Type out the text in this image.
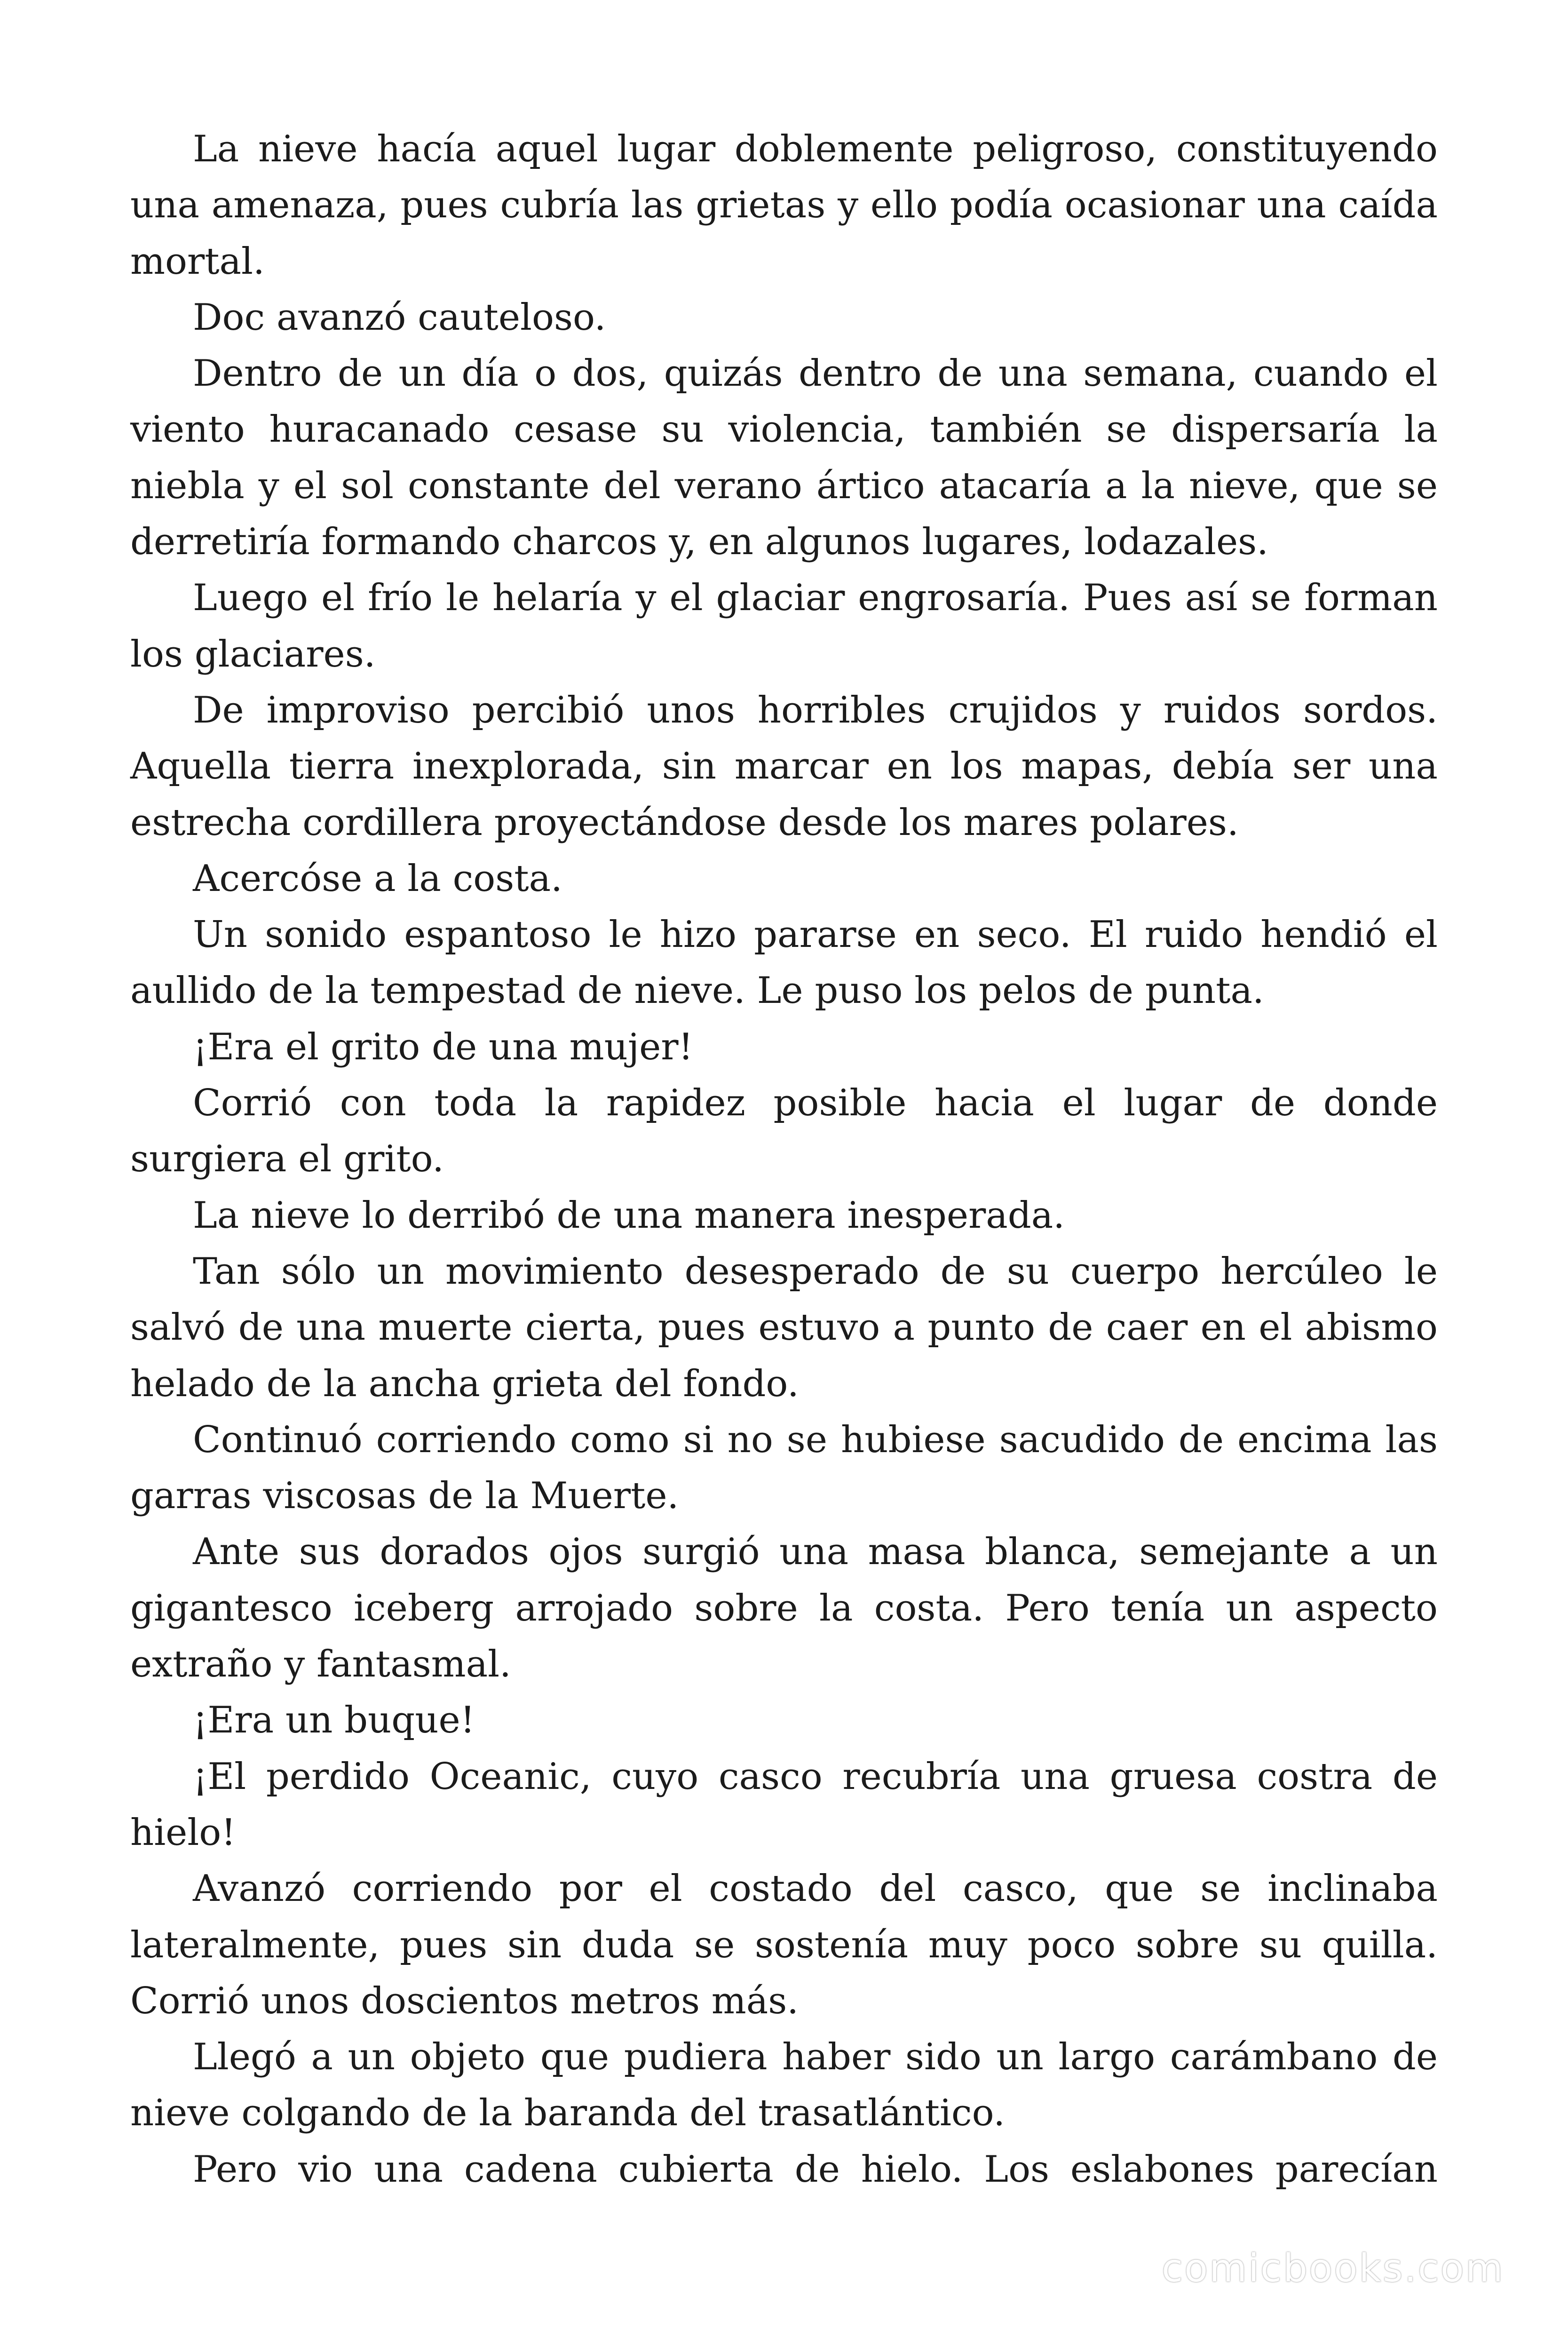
La nieve hacía aquel lugar doblemente peligroso, constituyendo una amenaza, pues cubría las grietas y ello podía ocasionar una caída mortal.

Doc avanzó cauteloso.

Dentro de un día o dos, quizás dentro de una semana, cuando el viento huracanado cesase su violencia, también se dispersaría la niebla y el sol constante del verano ártico atacaría a la nieve, que se derretiría formando charcos y, en algunos lugares, lodazales.

Luego el frío le helaría y el glaciar engrosaría. Pues así se forman los glaciares.

De improviso percibió unos horribles crujidos y ruidos sordos. Aquella tierra inexplorada, sin marcar en los mapas, debía ser una estrecha cordillera proyectándose desde los mares polares.

Acercóse a la costa.

Un sonido espantoso le hizo pararse en seco. El ruido hendió el aullido de la tempestad de nieve. Le puso los pelos de punta.

¡Era el grito de una mujer!

Corrió con toda la rapidez posible hacia el lugar de donde surgiera el grito.

La nieve lo derribó de una manera inesperada.

Tan sólo un movimiento desesperado de su cuerpo hercúleo le salvó de una muerte cierta, pues estuvo a punto de caer en el abismo helado de la ancha grieta del fondo.

Continuó corriendo como si no se hubiese sacudido de encima las garras viscosas de la Muerte.

Ante sus dorados ojos surgió una masa blanca, semejante a un gigantesco iceberg arrojado sobre la costa. Pero tenía un aspecto extraño y fantasmal.

¡Era un buque!

¡El perdido Oceanic, cuyo casco recubría una gruesa costra de hielo!

Avanzó corriendo por el costado del casco, que se inclinaba lateralmente, pues sin duda se sostenía muy poco sobre su quilla. Corrió unos doscientos metros más.

Llegó a un objeto que pudiera haber sido un largo carámbano de nieve colgando de la baranda del trasatlántico.

Pero vio una cadena cubierta de hielo. Los eslabones parecían

comicbooks.com
